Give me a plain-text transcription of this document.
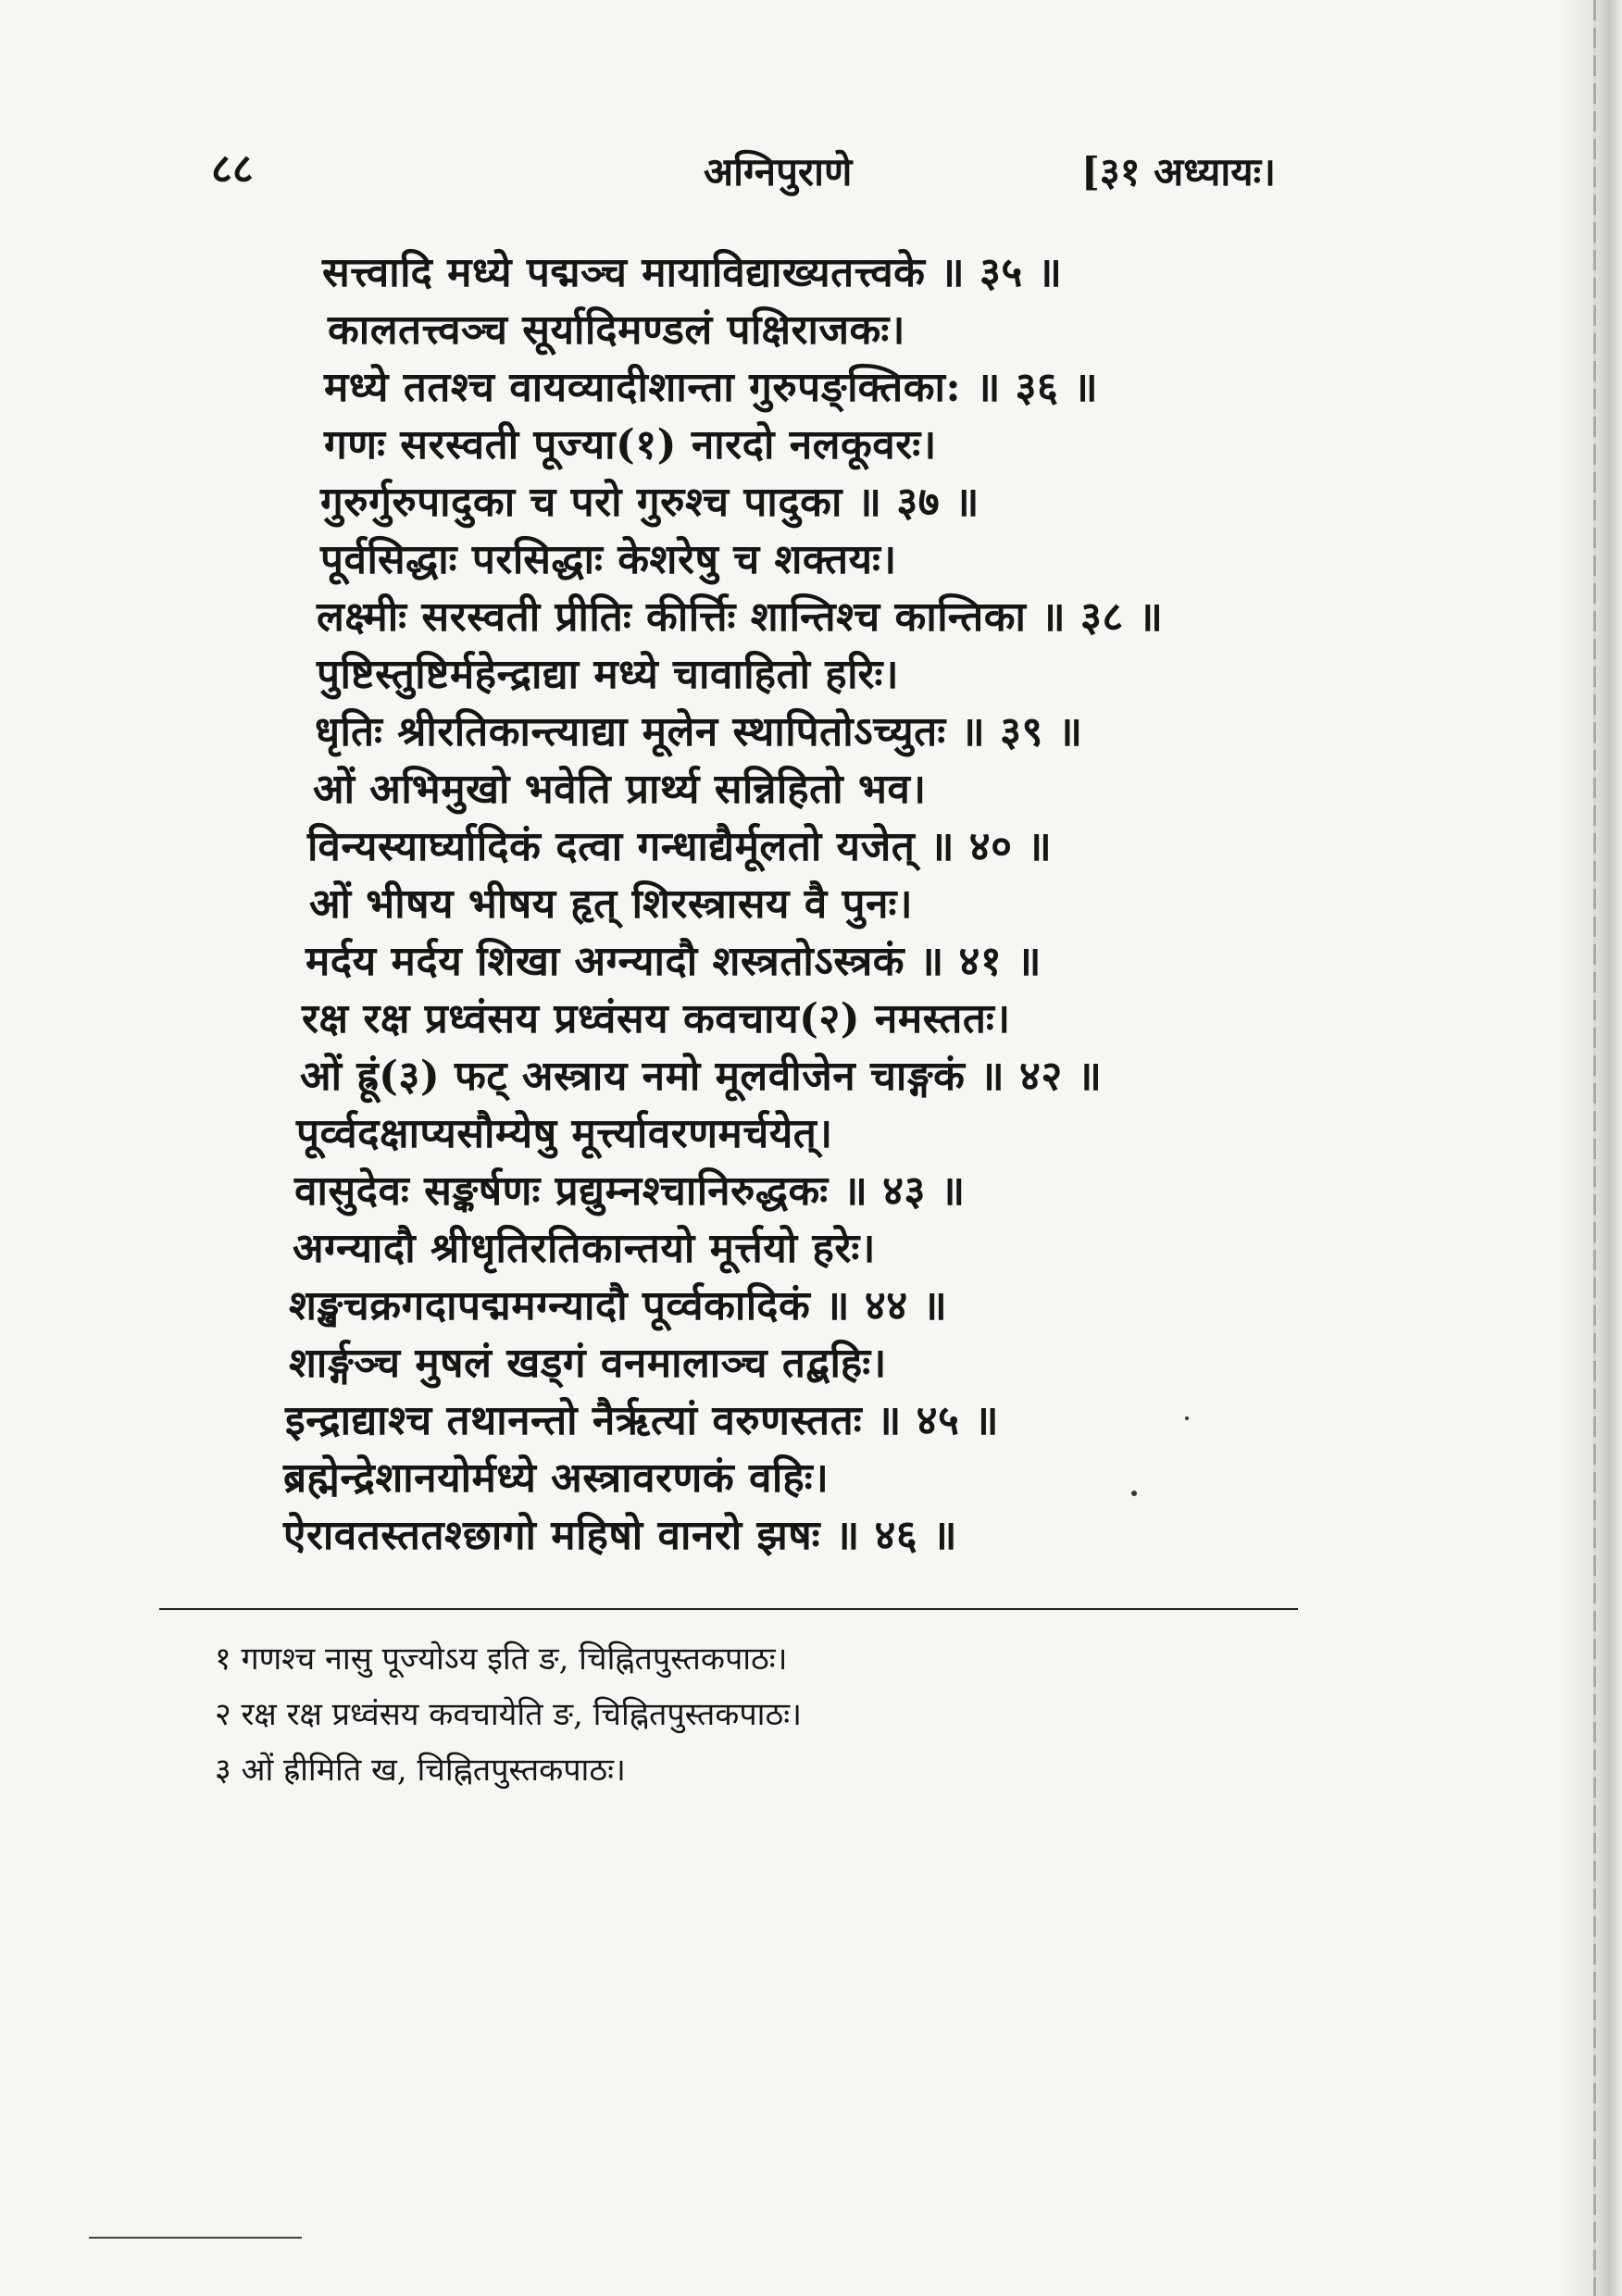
८८	अग्निपुराणे	[३१ अध्यायः।
सत्त्वादि मध्ये पद्मञ्च मायाविद्याख्यतत्त्वके ॥ ३५ ॥
कालतत्त्वञ्च सूर्यादिमण्डलं पक्षिराजकः।
मध्ये ततश्च वायव्यादीशान्ता गुरुपङ्क्तिका: ॥ ३६ ॥
गणः सरस्वती पूज्या(१) नारदो नलकूवरः।
गुरुर्गुरुपादुका च परो गुरुश्च पादुका ॥ ३७ ॥
पूर्वसिद्धाः परसिद्धाः केशरेषु च शक्तयः।
लक्ष्मीः सरस्वती प्रीतिः कीर्त्तिः शान्तिश्च कान्तिका ॥ ३८ ॥
पुष्टिस्तुष्टिर्महेन्द्राद्या मध्ये चावाहितो हरिः।
धृतिः श्रीरतिकान्त्याद्या मूलेन स्थापितोऽच्युतः ॥ ३९ ॥
ओं अभिमुखो भवेति प्रार्थ्य सन्निहितो भव।
विन्यस्यार्घ्यादिकं दत्वा गन्धाद्यैर्मूलतो यजेत् ॥ ४० ॥
ओं भीषय भीषय हृत् शिरस्त्रासय वै पुनः।
मर्दय मर्दय शिखा अग्न्यादौ शस्त्रतोऽस्त्रकं ॥ ४१ ॥
रक्ष रक्ष प्रध्वंसय प्रध्वंसय कवचाय(२) नमस्ततः।
ओं ह्रूं(३) फट् अस्त्राय नमो मूलवीजेन चाङ्गकं ॥ ४२ ॥
पूर्व्वदक्षाप्यसौम्येषु मूर्त्त्यावरणमर्चयेत्।
वासुदेवः सङ्कर्षणः प्रद्युम्नश्चानिरुद्धकः ॥ ४३ ॥
अग्न्यादौ श्रीधृतिरतिकान्तयो मूर्त्तयो हरेः।
शङ्खचक्रगदापद्ममग्न्यादौ पूर्व्वकादिकं ॥ ४४ ॥
शार्ङ्गञ्च मुषलं खड्गं वनमालाञ्च तद्बहिः।
इन्द्राद्याश्च तथानन्तो नैर्ऋत्यां वरुणस्ततः ॥ ४५ ॥
ब्रह्मेन्द्रेशानयोर्मध्ये अस्त्रावरणकं वहिः।
ऐरावतस्ततश्छागो महिषो वानरो झषः ॥ ४६ ॥
१ गणश्च नासु पूज्योऽय इति ङ, चिह्नितपुस्तकपाठः।
२ रक्ष रक्ष प्रध्वंसय कवचायेति ङ, चिह्नितपुस्तकपाठः।
३ ओं ह्रीमिति ख, चिह्नितपुस्तकपाठः।
